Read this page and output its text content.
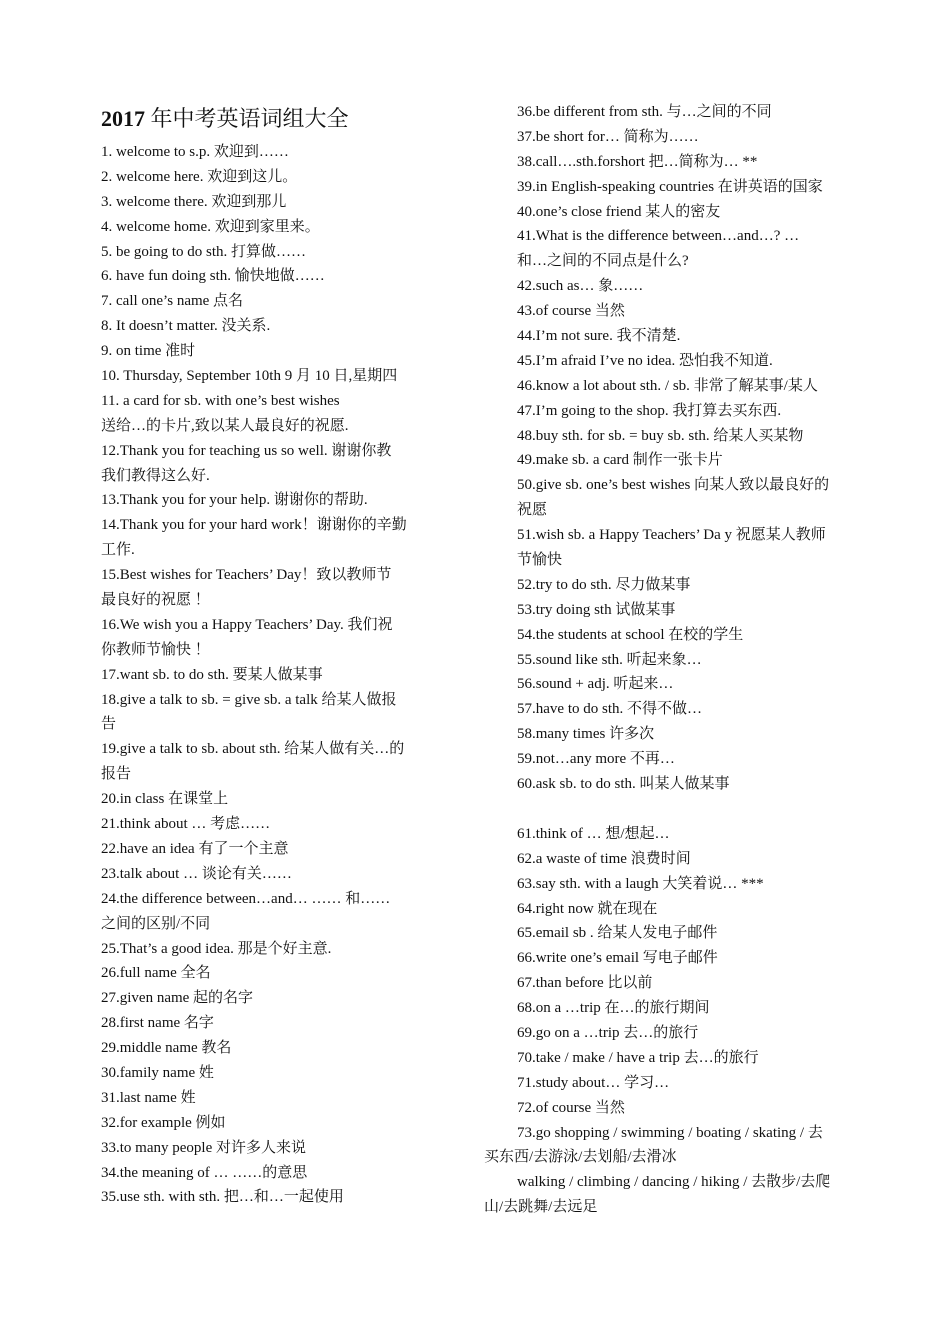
2017 年中考英语词组大全
1. welcome to s.p. 欢迎到……
2. welcome here. 欢迎到这儿。
3. welcome there. 欢迎到那儿
4. welcome home. 欢迎到家里来。
5. be going to do sth. 打算做……
6. have fun doing sth. 愉快地做……
7. call one’s name 点名
8. It doesn’t matter. 没关系.
9. on time 准时
10. Thursday, September 10th 9 月 10 日,星期四
11. a card for sb. with one’s best wishes
送给…的卡片,致以某人最良好的祝愿.
12.Thank you for teaching us so well. 谢谢你教
我们教得这么好.
13.Thank you for your help. 谢谢你的帮助.
14.Thank you for your hard work！谢谢你的辛勤
工作.
15.Best wishes for Teachers’ Day！致以教师节
最良好的祝愿 ！
16.We wish you a Happy Teachers’ Day. 我们祝
你教师节愉快 ！
17.want sb. to do sth. 要某人做某事
18.give a talk to sb. = give sb. a talk 给某人做报
告
19.give a talk to sb. about sth. 给某人做有关…的
报告
20.in class 在课堂上
21.think about … 考虑……
22.have an idea 有了一个主意
23.talk about … 谈论有关……
24.the difference between…and… …… 和……
之间的区别/不同
25.That’s a good idea. 那是个好主意.
26.full name 全名
27.given name 起的名字
28.first name 名字
29.middle name 教名
30.family name 姓
31.last name 姓
32.for example 例如
33.to many people 对许多人来说
34.the meaning of … ……的意思
35.use sth. with sth. 把…和…一起使用
36.be different from sth. 与…之间的不同
37.be short for… 简称为……
38.call….sth.forshort 把…简称为… **
39.in English-speaking countries 在讲英语的国家
40.one’s close friend 某人的密友
41.What is the difference between…and…? …
和…之间的不同点是什么?
42.such as… 象……
43.of course 当然
44.I’m not sure. 我不清楚.
45.I’m afraid I’ve no idea. 恐怕我不知道.
46.know a lot about sth. / sb. 非常了解某事/某人
47.I’m going to the shop. 我打算去买东西.
48.buy sth. for sb. = buy sb. sth. 给某人买某物
49.make sb. a card 制作一张卡片
50.give sb. one’s best wishes 向某人致以最良好的
祝愿
51.wish sb. a Happy Teachers’ Da y 祝愿某人教师
节愉快
52.try to do sth. 尽力做某事
53.try doing sth 试做某事
54.the students at school 在校的学生
55.sound like sth. 听起来象…
56.sound + adj. 听起来…
57.have to do sth. 不得不做…
58.many times 许多次
59.not…any more 不再…
60.ask sb. to do sth. 叫某人做某事
61.think of … 想/想起…
62.a waste of time 浪费时间
63.say sth. with a laugh 大笑着说… ***
64.right now 就在现在
65.email sb . 给某人发电子邮件
66.write one’s email 写电子邮件
67.than before 比以前
68.on a …trip 在…的旅行期间
69.go on a …trip 去…的旅行
70.take / make / have a trip 去…的旅行
71.study about… 学习…
72.of course 当然
73.go shopping / swimming / boating / skating / 去
买东西/去游泳/去划船/去滑冰
walking / climbing / dancing / hiking / 去散步/去爬
山/去跳舞/去远足
